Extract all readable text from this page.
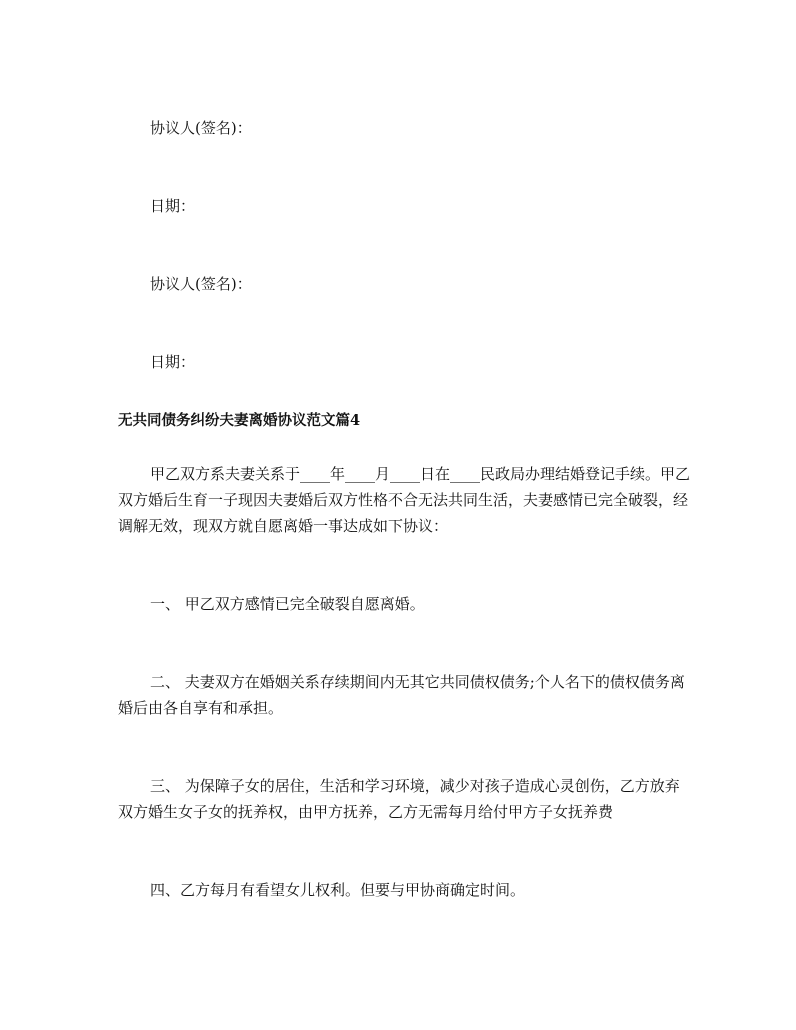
协议人(签名)：
日期：
协议人(签名)：
日期：
无共同债务纠纷夫妻离婚协议范文篇4
甲乙双方系夫妻关系于____年____月____日在____民政局办理结婚登记手续。甲乙双方婚后生育一子现因夫妻婚后双方性格不合无法共同生活，夫妻感情已完全破裂，经调解无效，现双方就自愿离婚一事达成如下协议：
一、 甲乙双方感情已完全破裂自愿离婚。
二、 夫妻双方在婚姻关系存续期间内无其它共同债权债务;个人名下的债权债务离婚后由各自享有和承担。
三、 为保障子女的居住，生活和学习环境，减少对孩子造成心灵创伤，乙方放弃双方婚生女子女的抚养权，由甲方抚养，乙方无需每月给付甲方子女抚养费
四、乙方每月有看望女儿权利。但要与甲协商确定时间。
